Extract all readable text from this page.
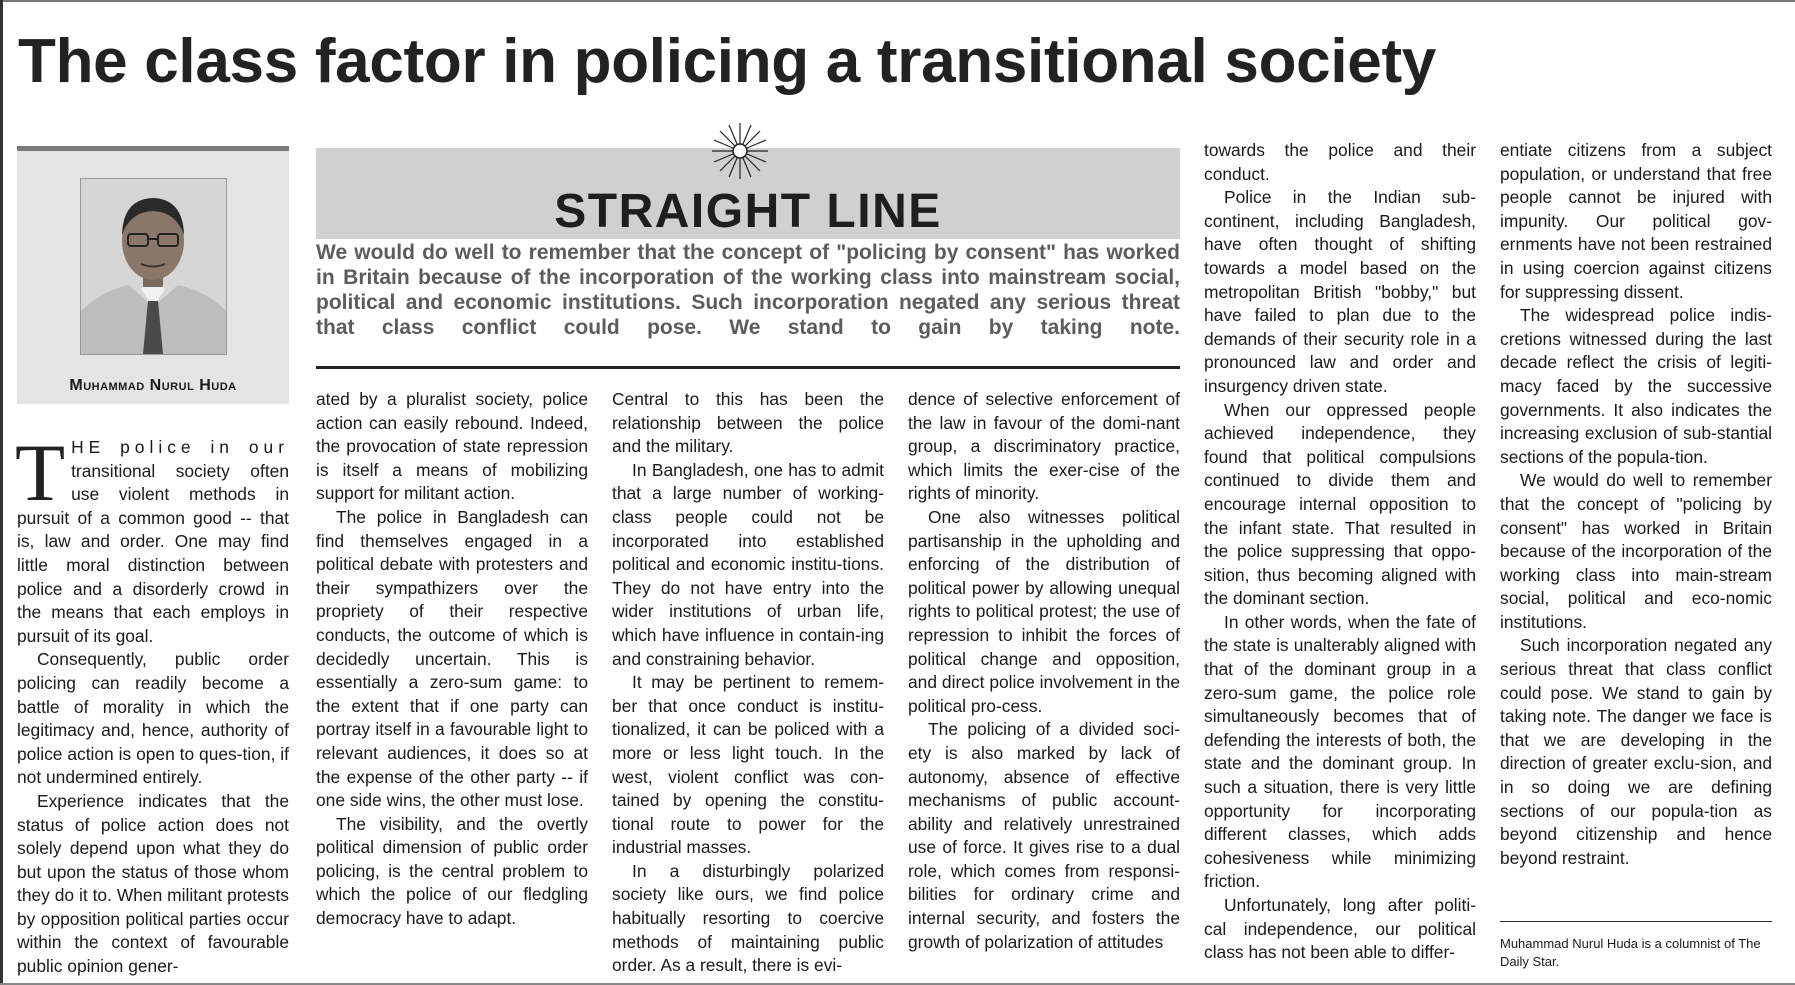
The class factor in policing a transitional society
Muhammad Nurul Huda
STRAIGHT LINE

We would do well to remember that the concept of "policing by consent" has worked in Britain because of the incorporation of the working class into mainstream social, political and economic institutions. Such incorporation negated any serious threat that class conflict could pose. We stand to gain by taking note.

THE police in our transitional society often use violent methods in pursuit of a common good -- that is, law and order. One may find little moral distinction between police and a disorderly crowd in the means that each employs in pursuit of its goal.

Consequently, public order policing can readily become a battle of morality in which the legitimacy and, hence, authority of police action is open to ques-tion, if not undermined entirely.

Experience indicates that the status of police action does not solely depend upon what they do but upon the status of those whom they do it to. When militant protests by opposition political parties occur within the context of favourable public opinion gener-

ated by a pluralist society, police action can easily rebound. Indeed, the provocation of state repression is itself a means of mobilizing support for militant action.

The police in Bangladesh can find themselves engaged in a political debate with protesters and their sympathizers over the propriety of their respective conducts, the outcome of which is decidedly uncertain. This is essentially a zero-sum game: to the extent that if one party can portray itself in a favourable light to relevant audiences, it does so at the expense of the other party -- if one side wins, the other must lose.

The visibility, and the overtly political dimension of public order policing, is the central problem to which the police of our fledgling democracy have to adapt.

Central to this has been the relationship between the police and the military.

In Bangladesh, one has to admit that a large number of working-class people could not be incorporated into established political and economic institu-tions. They do not have entry into the wider institutions of urban life, which have influence in contain-ing and constraining behavior.

It may be pertinent to remem-ber that once conduct is institu-tionalized, it can be policed with a more or less light touch. In the west, violent conflict was con-tained by opening the constitu-tional route to power for the industrial masses.

In a disturbingly polarized society like ours, we find police habitually resorting to coercive methods of maintaining public order. As a result, there is evi-

dence of selective enforcement of the law in favour of the domi-nant group, a discriminatory practice, which limits the exer-cise of the rights of minority.

One also witnesses political partisanship in the upholding and enforcing of the distribution of political power by allowing unequal rights to political protest; the use of repression to inhibit the forces of political change and opposition, and direct police involvement in the political pro-cess.

The policing of a divided soci-ety is also marked by lack of autonomy, absence of effective mechanisms of public account-ability and relatively unrestrained use of force. It gives rise to a dual role, which comes from responsi-bilities for ordinary crime and internal security, and fosters the growth of polarization of attitudes

towards the police and their conduct.

Police in the Indian sub-continent, including Bangladesh, have often thought of shifting towards a model based on the metropolitan British "bobby," but have failed to plan due to the demands of their security role in a pronounced law and order and insurgency driven state.

When our oppressed people achieved independence, they found that political compulsions continued to divide them and encourage internal opposition to the infant state. That resulted in the police suppressing that oppo-sition, thus becoming aligned with the dominant section.

In other words, when the fate of the state is unalterably aligned with that of the dominant group in a zero-sum game, the police role simultaneously becomes that of defending the interests of both, the state and the dominant group. In such a situation, there is very little opportunity for incorporating different classes, which adds cohesiveness while minimizing friction.

Unfortunately, long after politi-cal independence, our political class has not been able to differ-

entiate citizens from a subject population, or understand that free people cannot be injured with impunity. Our political gov-ernments have not been restrained in using coercion against citizens for suppressing dissent.

The widespread police indis-cretions witnessed during the last decade reflect the crisis of legiti-macy faced by the successive governments. It also indicates the increasing exclusion of sub-stantial sections of the popula-tion.

We would do well to remember that the concept of "policing by consent" has worked in Britain because of the incorporation of the working class into main-stream social, political and eco-nomic institutions.

Such incorporation negated any serious threat that class conflict could pose. We stand to gain by taking note. The danger we face is that we are developing in the direction of greater exclu-sion, and in so doing we are defining sections of our popula-tion as beyond citizenship and hence beyond restraint.

Muhammad Nurul Huda is a columnist of The Daily Star.
